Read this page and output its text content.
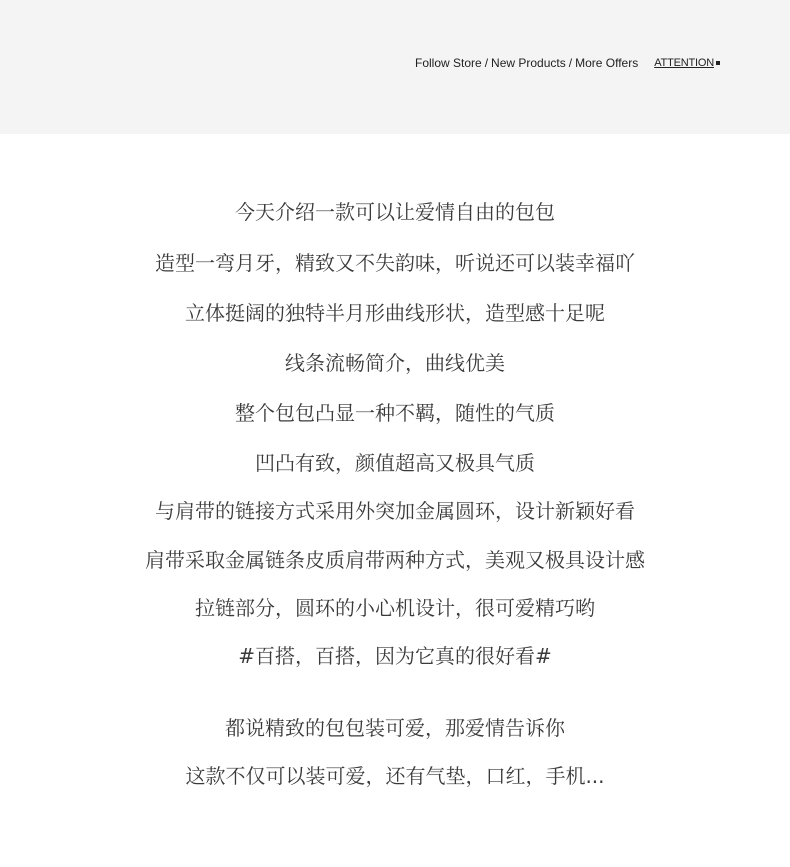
Follow Store / New Products / More Offers ATTENTION
今天介绍一款可以让爱情自由的包包
造型一弯月牙，精致又不失韵味，听说还可以装幸福吖
立体挺阔的独特半月形曲线形状，造型感十足呢
线条流畅简介，曲线优美
整个包包凸显一种不羁，随性的气质
凹凸有致，颜值超高又极具气质
与肩带的链接方式采用外突加金属圆环，设计新颖好看
肩带采取金属链条皮质肩带两种方式，美观又极具设计感
拉链部分，圆环的小心机设计，很可爱精巧哟
#百搭，百搭，因为它真的很好看#
都说精致的包包装可爱，那爱情告诉你
这款不仅可以装可爱，还有气垫，口红，手机...
